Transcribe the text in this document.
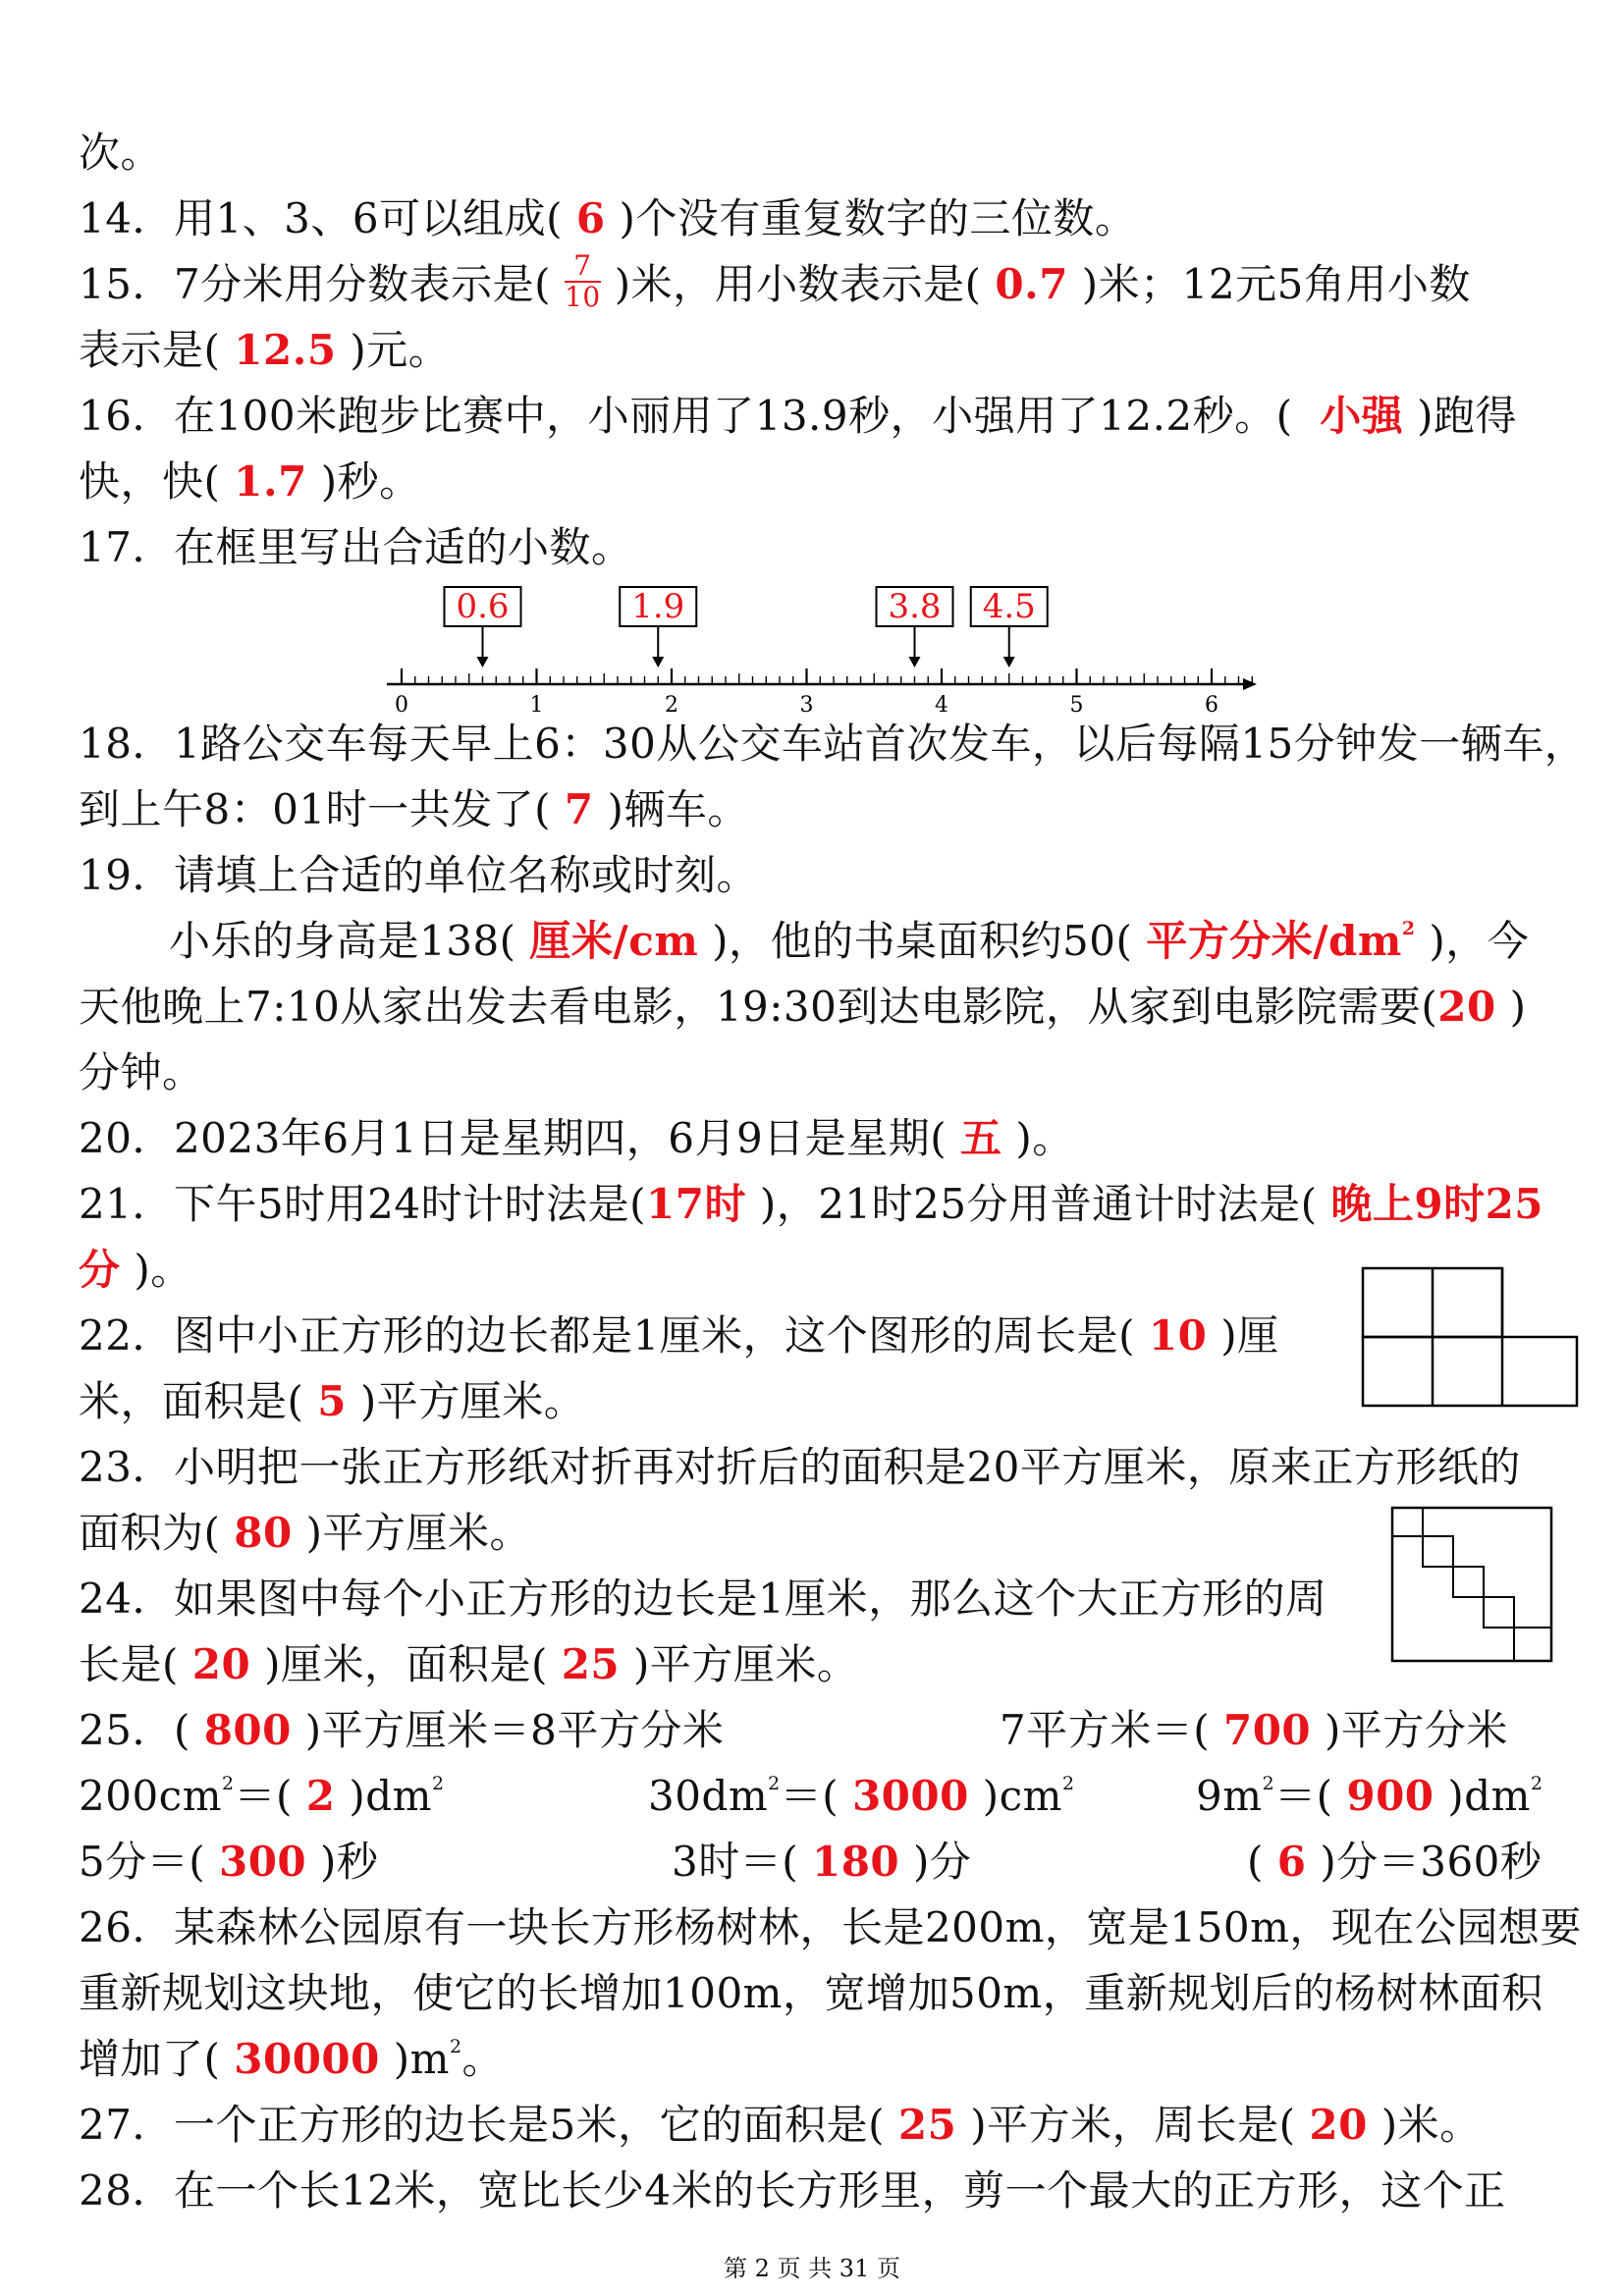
次。
14．用1、3、6可以组成( 6 )个没有重复数字的三位数。
15．7分米用分数表示是( $\frac{7}{10}$ )米，用小数表示是( 0.7 )米；12元5角用小数
表示是( 12.5 )元。
16．在100米跑步比赛中，小丽用了13.9秒，小强用了12.2秒。( 小强 )跑得
快，快( 1.7 )秒。
17．在框里写出合适的小数。
0	1	2	3	4	5	6
0.6	1.9	3.8 4.5
18．1路公交车每天早上6：30从公交车站首次发车，以后每隔15分钟发一辆车，
到上午8：01时一共发了( 7 )辆车。
19．请填上合适的单位名称或时刻。
小乐的身高是138( 厘米/cm )，他的书桌面积约50( 平方分米$/dm^2$ )，今
天他晚上7:10从家出发去看电影，19:30到达电影院，从家到电影院需要(20 )
分钟。
20．2023年6月1日是星期四，6月9日是星期( 五 )。
21．下午5时用24时计时法是(17时 )，21时25分用普通计时法是( 晚上9时25
分 )。
22．图中小正方形的边长都是1厘米，这个图形的周长是( 10 )厘
米，面积是( 5 )平方厘米。
23．小明把一张正方形纸对折再对折后的面积是20平方厘米，原来正方形纸的
面积为( 80 )平方厘米。
24．如果图中每个小正方形的边长是1厘米，那么这个大正方形的周
长是( 20 )厘米，面积是( 25 )平方厘米。
25．( 800 )平方厘米＝8平方分米	7平方米＝( 700 )平方分米
$200cm^2=$( 2 )$dm^2$	$30dm^2=$( 3000 )$cm^2$	$9m^2=$( 900 )$dm^2$
5分＝( 300 )秒	3时＝( 180 )分	( 6 )分＝360秒
26．某森林公园原有一块长方形杨树林，长是200m，宽是150m，现在公园想要
重新规划这块地，使它的长增加100m，宽增加50m，重新规划后的杨树林面积
增加了( 30000 )$m^2$。
27．一个正方形的边长是5米，它的面积是( 25 )平方米，周长是( 20 )米。
28．在一个长12米，宽比长少4米的长方形里，剪一个最大的正方形，这个正
第 2 页 共 31 页
